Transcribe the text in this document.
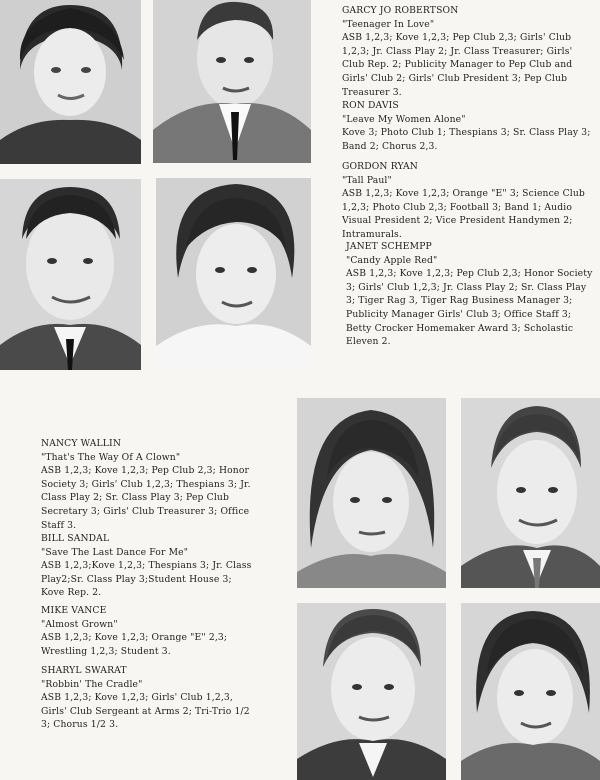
GARCY JO ROBERTSON
"Teenager In Love"
ASB 1,2,3; Kove 1,2,3; Pep Club 2,3; Girls' Club 1,2,3; Jr. Class Play 2; Jr. Class Treasurer; Girls' Club Rep. 2; Publicity Manager to Pep Club and Girls' Club 2; Girls' Club President 3; Pep Club Treasurer 3.
RON DAVIS
"Leave My Women Alone"
Kove 3; Photo Club 1; Thespians 3; Sr. Class Play 3; Band 2; Chorus 2,3.
GORDON RYAN
"Tall Paul"
ASB 1,2,3; Kove 1,2,3; Orange "E" 3; Science Club 1,2,3; Photo Club 2,3; Football 3; Band 1; Audio Visual President 2; Vice President Handymen 2; Intramurals.
JANET SCHEMPP
"Candy Apple Red"
ASB 1,2,3; Kove 1,2,3; Pep Club 2,3; Honor Society 3; Girls' Club 1,2,3; Jr. Class Play 2; Sr. Class Play 3; Tiger Rag 3, Tiger Rag Business Manager 3; Publicity Manager Girls' Club 3; Office Staff 3; Betty Crocker Homemaker Award 3; Scholastic Eleven 2.
NANCY WALLIN
"That's The Way Of A Clown"
ASB 1,2,3; Kove 1,2,3; Pep Club 2,3; Honor Society 3; Girls' Club 1,2,3; Thespians 3; Jr. Class Play 2; Sr. Class Play 3; Pep Club Secretary 3; Girls' Club Treasurer 3; Office Staff 3.
BILL SANDAL
"Save The Last Dance For Me"
ASB 1,2,3;Kove 1,2,3; Thespians 3; Jr. Class Play2;Sr. Class Play 3;Student House 3; Kove Rep. 2.
MIKE VANCE
"Almost Grown"
ASB 1,2,3; Kove 1,2,3; Orange "E" 2,3; Wrestling 1,2,3; Student 3.
SHARYL SWARAT
"Robbin' The Cradle"
ASB 1,2,3; Kove 1,2,3; Girls' Club 1,2,3, Girls' Club Sergeant at Arms 2; Tri-Trio 1/2 3; Chorus 1/2 3.
